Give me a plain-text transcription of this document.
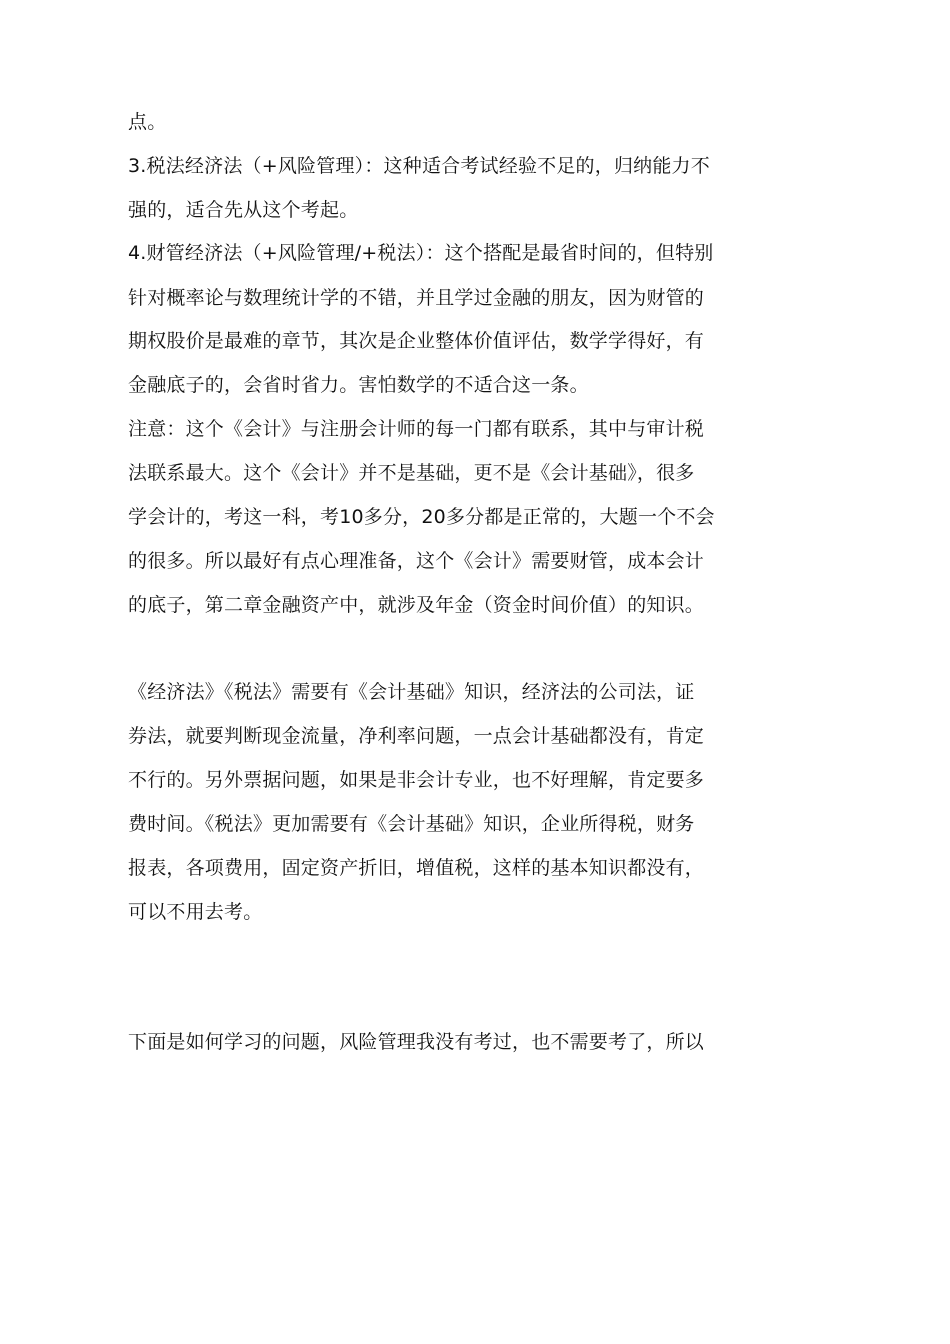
点。
3.税法经济法（+风险管理）：这种适合考试经验不足的，归纳能力不
强的，适合先从这个考起。
4.财管经济法（+风险管理/+税法）：这个搭配是最省时间的，但特别
针对概率论与数理统计学的不错，并且学过金融的朋友，因为财管的
期权股价是最难的章节，其次是企业整体价值评估，数学学得好，有
金融底子的，会省时省力。害怕数学的不适合这一条。
注意：这个《会计》与注册会计师的每一门都有联系，其中与审计税
法联系最大。这个《会计》并不是基础，更不是《会计基础》，很多
学会计的，考这一科，考10多分，20多分都是正常的，大题一个不会
的很多。所以最好有点心理准备，这个《会计》需要财管，成本会计
的底子，第二章金融资产中，就涉及年金（资金时间价值）的知识。
《经济法》《税法》需要有《会计基础》知识，经济法的公司法，证
券法，就要判断现金流量，净利率问题，一点会计基础都没有，肯定
不行的。另外票据问题，如果是非会计专业，也不好理解，肯定要多
费时间。《税法》更加需要有《会计基础》知识，企业所得税，财务
报表，各项费用，固定资产折旧，增值税，这样的基本知识都没有，
可以不用去考。
下面是如何学习的问题，风险管理我没有考过，也不需要考了，所以
